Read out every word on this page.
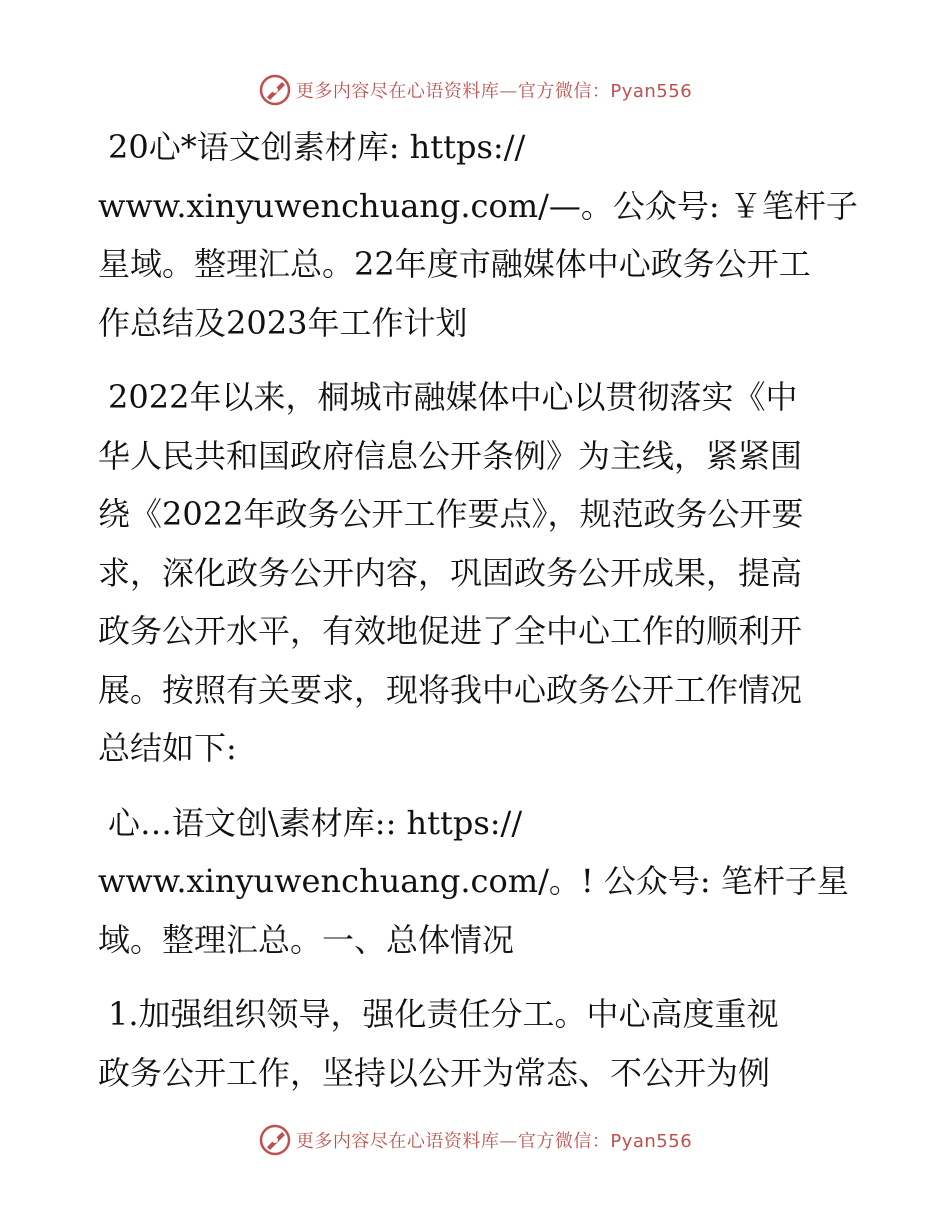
更多内容尽在心语资料库—官方微信：Pyan556

20心*语文创素材库: https://
www.xinyuwenchuang.com/—。公众号: ￥笔杆子
星域。整理汇总。22年度市融媒体中心政务公开工
作总结及2023年工作计划

2022年以来，桐城市融媒体中心以贯彻落实《中
华人民共和国政府信息公开条例》为主线，紧紧围
绕《2022年政务公开工作要点》，规范政务公开要
求，深化政务公开内容，巩固政务公开成果，提高
政务公开水平，有效地促进了全中心工作的顺利开
展。按照有关要求，现将我中心政务公开工作情况
总结如下:

心…语文创\素材库:: https://
www.xinyuwenchuang.com/。! 公众号: 笔杆子星
域。整理汇总。一、总体情况

1.加强组织领导，强化责任分工。中心高度重视
政务公开工作，坚持以公开为常态、不公开为例

更多内容尽在心语资料库—官方微信：Pyan556
